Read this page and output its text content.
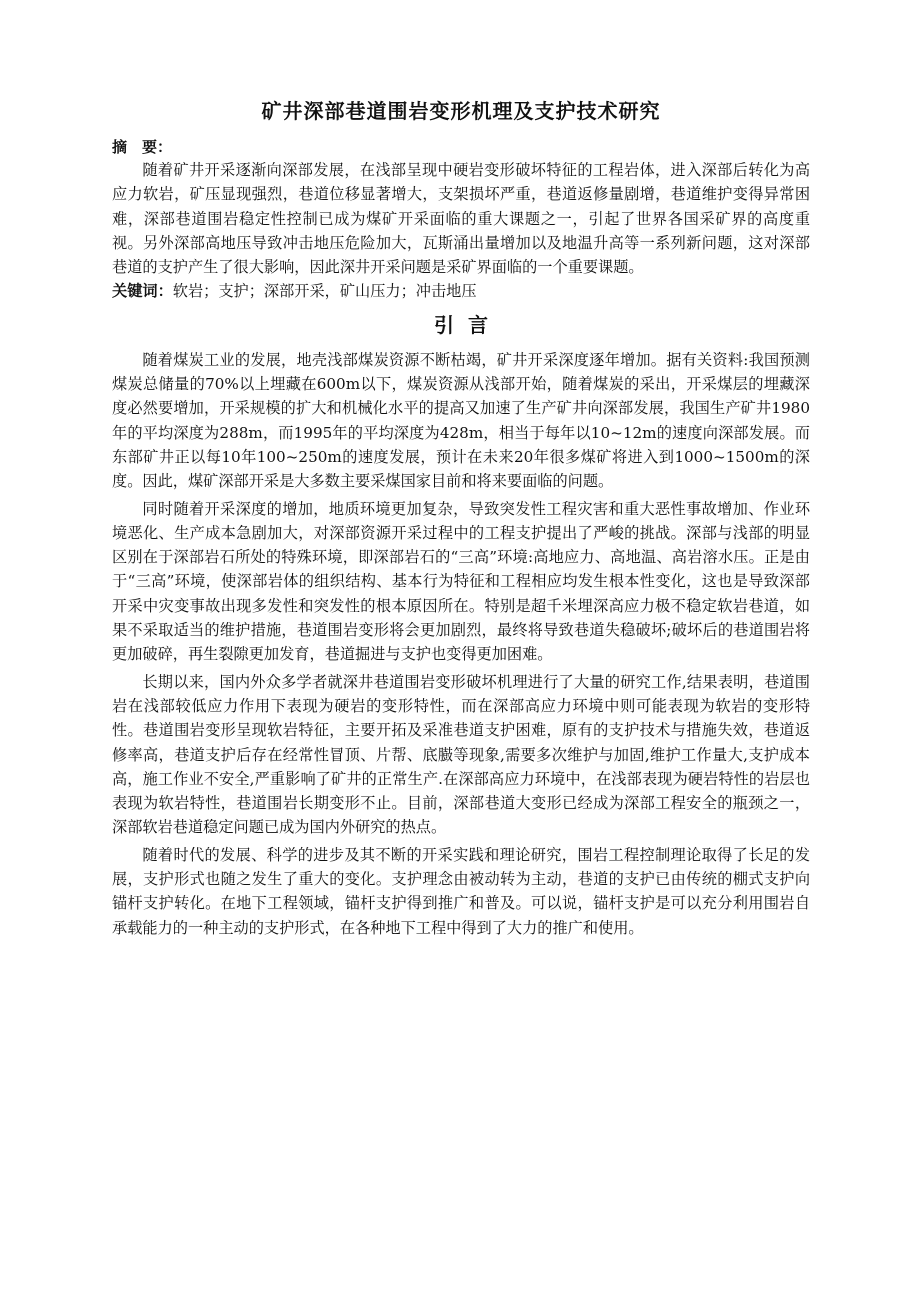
矿井深部巷道围岩变形机理及支护技术研究
摘　要：

随着矿井开采逐渐向深部发展，在浅部呈现中硬岩变形破坏特征的工程岩体，进入深部后转化为高应力软岩，矿压显现强烈，巷道位移显著增大，支架损坏严重，巷道返修量剧增，巷道维护变得异常困难，深部巷道围岩稳定性控制已成为煤矿开采面临的重大课题之一，引起了世界各国采矿界的高度重视。另外深部高地压导致冲击地压危险加大，瓦斯涌出量增加以及地温升高等一系列新问题，这对深部巷道的支护产生了很大影响，因此深井开采问题是采矿界面临的一个重要课题。

关键词：软岩；支护；深部开采，矿山压力；冲击地压
引言

随着煤炭工业的发展，地壳浅部煤炭资源不断枯竭，矿井开采深度逐年增加。据有关资料:我国预测煤炭总储量的70%以上埋藏在600m以下，煤炭资源从浅部开始，随着煤炭的采出，开采煤层的埋藏深度必然要增加，开采规模的扩大和机械化水平的提高又加速了生产矿井向深部发展，我国生产矿井1980年的平均深度为288m，而1995年的平均深度为428m，相当于每年以10~12m的速度向深部发展。而东部矿井正以每10年100~250m的速度发展，预计在未来20年很多煤矿将进入到1000~1500m的深度。因此，煤矿深部开采是大多数主要采煤国家目前和将来要面临的问题。

同时随着开采深度的增加，地质环境更加复杂，导致突发性工程灾害和重大恶性事故增加、作业环境恶化、生产成本急剧加大，对深部资源开采过程中的工程支护提出了严峻的挑战。深部与浅部的明显区别在于深部岩石所处的特殊环境，即深部岩石的“三高”环境:高地应力、高地温、高岩溶水压。正是由于“三高”环境，使深部岩体的组织结构、基本行为特征和工程相应均发生根本性变化，这也是导致深部开采中灾变事故出现多发性和突发性的根本原因所在。特别是超千米埋深高应力极不稳定软岩巷道，如果不采取适当的维护措施，巷道围岩变形将会更加剧烈，最终将导致巷道失稳破坏;破坏后的巷道围岩将更加破碎，再生裂隙更加发育，巷道掘进与支护也变得更加困难。

长期以来，国内外众多学者就深井巷道围岩变形破坏机理进行了大量的研究工作,结果表明，巷道围岩在浅部较低应力作用下表现为硬岩的变形特性，而在深部高应力环境中则可能表现为软岩的变形特性。巷道围岩变形呈现软岩特征，主要开拓及采准巷道支护困难，原有的支护技术与措施失效，巷道返修率高，巷道支护后存在经常性冒顶、片帮、底臌等现象,需要多次维护与加固,维护工作量大,支护成本高，施工作业不安全,严重影响了矿井的正常生产.在深部高应力环境中，在浅部表现为硬岩特性的岩层也表现为软岩特性，巷道围岩长期变形不止。目前，深部巷道大变形已经成为深部工程安全的瓶颈之一，深部软岩巷道稳定问题已成为国内外研究的热点。

随着时代的发展、科学的进步及其不断的开采实践和理论研究，围岩工程控制理论取得了长足的发展，支护形式也随之发生了重大的变化。支护理念由被动转为主动，巷道的支护已由传统的棚式支护向锚杆支护转化。在地下工程领域，锚杆支护得到推广和普及。可以说，锚杆支护是可以充分利用围岩自承载能力的一种主动的支护形式，在各种地下工程中得到了大力的推广和使用。
